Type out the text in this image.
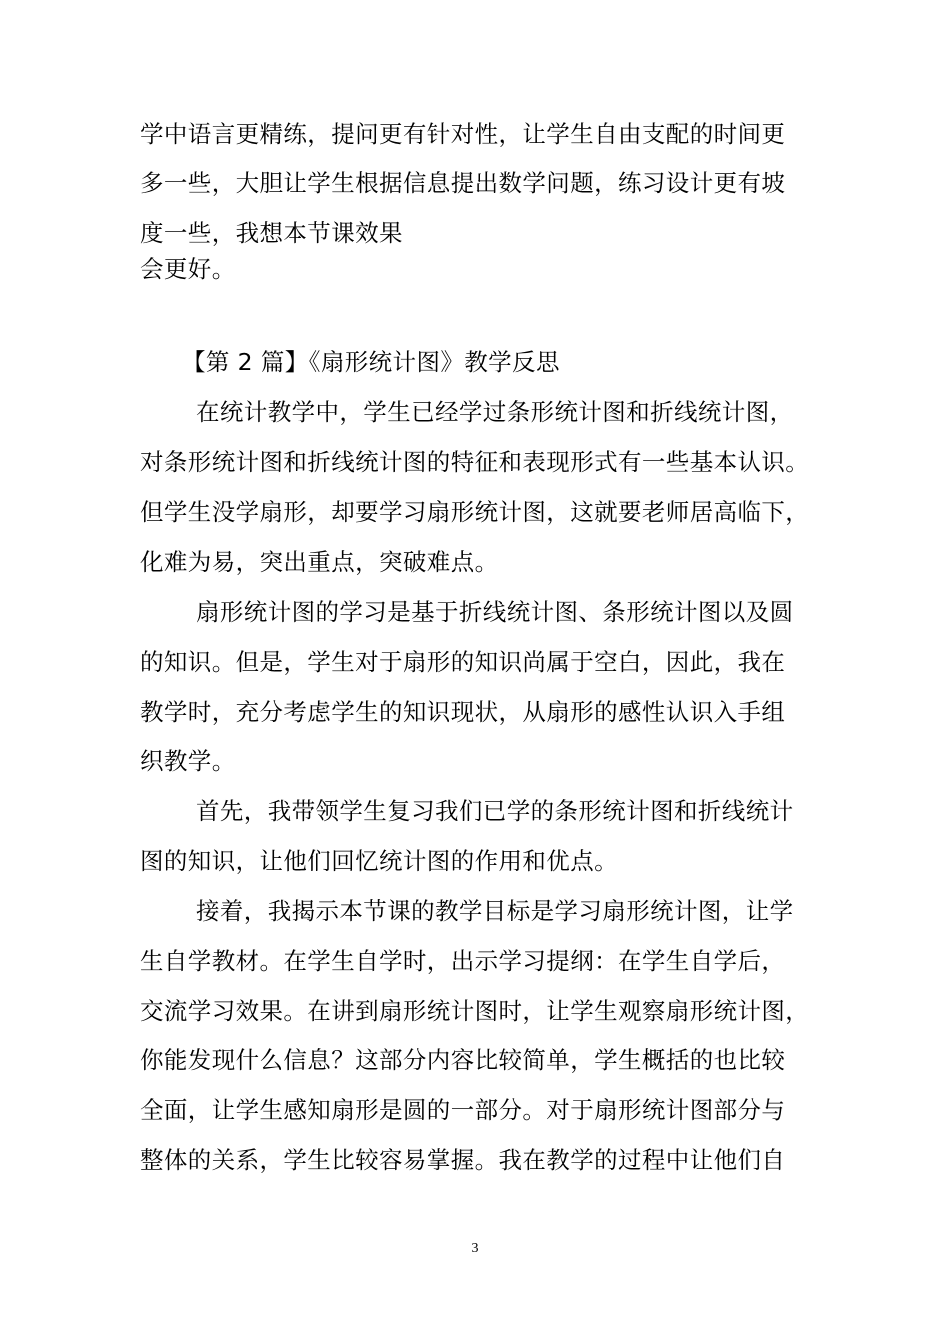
学中语言更精练，提问更有针对性，让学生自由支配的时间更
多一些，大胆让学生根据信息提出数学问题，练习设计更有坡
度一些，我想本节课效果
会更好。
【第 2 篇】《扇形统计图》教学反思
在统计教学中，学生已经学过条形统计图和折线统计图，
对条形统计图和折线统计图的特征和表现形式有一些基本认识。
但学生没学扇形，却要学习扇形统计图，这就要老师居高临下，
化难为易，突出重点，突破难点。
扇形统计图的学习是基于折线统计图、条形统计图以及圆
的知识。但是，学生对于扇形的知识尚属于空白，因此，我在
教学时，充分考虑学生的知识现状，从扇形的感性认识入手组
织教学。
首先，我带领学生复习我们已学的条形统计图和折线统计
图的知识，让他们回忆统计图的作用和优点。
接着，我揭示本节课的教学目标是学习扇形统计图，让学
生自学教材。在学生自学时，出示学习提纲：在学生自学后，
交流学习效果。在讲到扇形统计图时，让学生观察扇形统计图，
你能发现什么信息？这部分内容比较简单，学生概括的也比较
全面，让学生感知扇形是圆的一部分。对于扇形统计图部分与
整体的关系，学生比较容易掌握。我在教学的过程中让他们自
3
